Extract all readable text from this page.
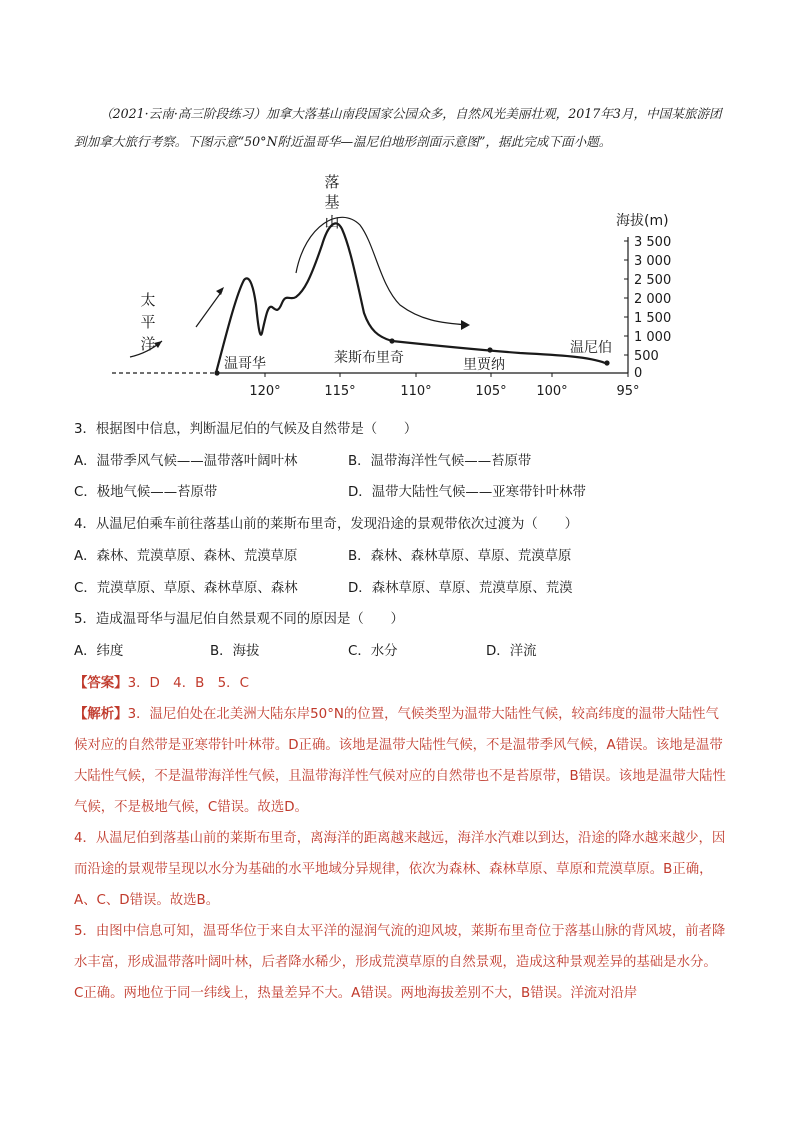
（2021·云南·高三阶段练习）加拿大落基山南段国家公园众多，自然风光美丽壮观，2017年3月，中国某旅游团到加拿大旅行考察。下图示意“50°N附近温哥华—温尼伯地形剖面示意图”，据此完成下面小题。

落
基
山
太
平
洋
温哥华	莱斯布里奇	里贾纳
温尼伯
120°	115°	110°	105° 100°	95°
海拔(m)
3 500
3 000
2 500
2 000
1 500
1 000
500
0
3．根据图中信息，判断温尼伯的气候及自然带是（　　）
A．温带季风气候——温带落叶阔叶林	B．温带海洋性气候——苔原带
C．极地气候——苔原带	D．温带大陆性气候——亚寒带针叶林带
4．从温尼伯乘车前往落基山前的莱斯布里奇，发现沿途的景观带依次过渡为（　　）
A．森林、荒漠草原、森林、荒漠草原	B．森林、森林草原、草原、荒漠草原
C．荒漠草原、草原、森林草原、森林	D．森林草原、草原、荒漠草原、荒漠
5．造成温哥华与温尼伯自然景观不同的原因是（　　）
A．纬度	B．海拔	C．水分	D．洋流
【答案】3．D　4．B　5．C

【解析】3．温尼伯处在北美洲大陆东岸50°N的位置，气候类型为温带大陆性气候，较高纬度的温带大陆性气候对应的自然带是亚寒带针叶林带。D正确。该地是温带大陆性气候，不是温带季风气候，A错误。该地是温带大陆性气候，不是温带海洋性气候，且温带海洋性气候对应的自然带也不是苔原带，B错误。该地是温带大陆性气候，不是极地气候，C错误。故选D。

4．从温尼伯到落基山前的莱斯布里奇，离海洋的距离越来越远，海洋水汽难以到达，沿途的降水越来越少，因而沿途的景观带呈现以水分为基础的水平地域分异规律，依次为森林、森林草原、草原和荒漠草原。B正确，A、C、D错误。故选B。

5．由图中信息可知，温哥华位于来自太平洋的湿润气流的迎风坡，莱斯布里奇位于落基山脉的背风坡，前者降水丰富，形成温带落叶阔叶林，后者降水稀少，形成荒漠草原的自然景观，造成这种景观差异的基础是水分。C正确。两地位于同一纬线上，热量差异不大。A错误。两地海拔差别不大，B错误。洋流对沿岸
